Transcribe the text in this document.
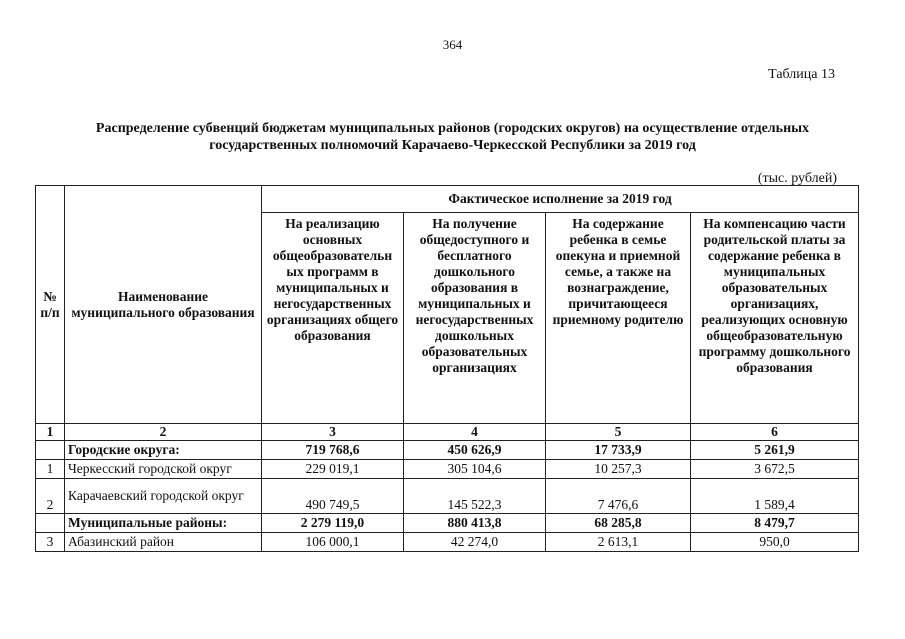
364
Таблица 13
Распределение субвенций бюджетам муниципальных районов (городских округов) на осуществление отдельных
государственных полномочий Карачаево-Черкесской Республики за 2019 год
(тыс. рублей)
№ п/п	Наименование муниципального образования	Фактическое исполнение за 2019 год			
		На реализацию основных общеобразовательн ых программ в муниципальных и негосударственных организациях общего образования	На получение общедоступного и бесплатного дошкольного образования в муниципальных и негосударственных дошкольных образовательных организациях	На содержание ребенка в семье опекуна и приемной семье, а также на вознаграждение, причитающееся приемному родителю	На компенсацию части родительской платы за содержание ребенка в муниципальных образовательных организациях, реализующих основную общеобразовательную программу дошкольного образования
1	2	3	4	5	6
	Городские округа:	719 768,6	450 626,9	17 733,9	5 261,9
1	Черкесский городской округ	229 019,1	305 104,6	10 257,3	3 672,5
2	Карачаевский городской округ	490 749,5	145 522,3	7 476,6	1 589,4
	Муниципальные районы:	2 279 119,0	880 413,8	68 285,8	8 479,7
3	Абазинский район	106 000,1	42 274,0	2 613,1	950,0
